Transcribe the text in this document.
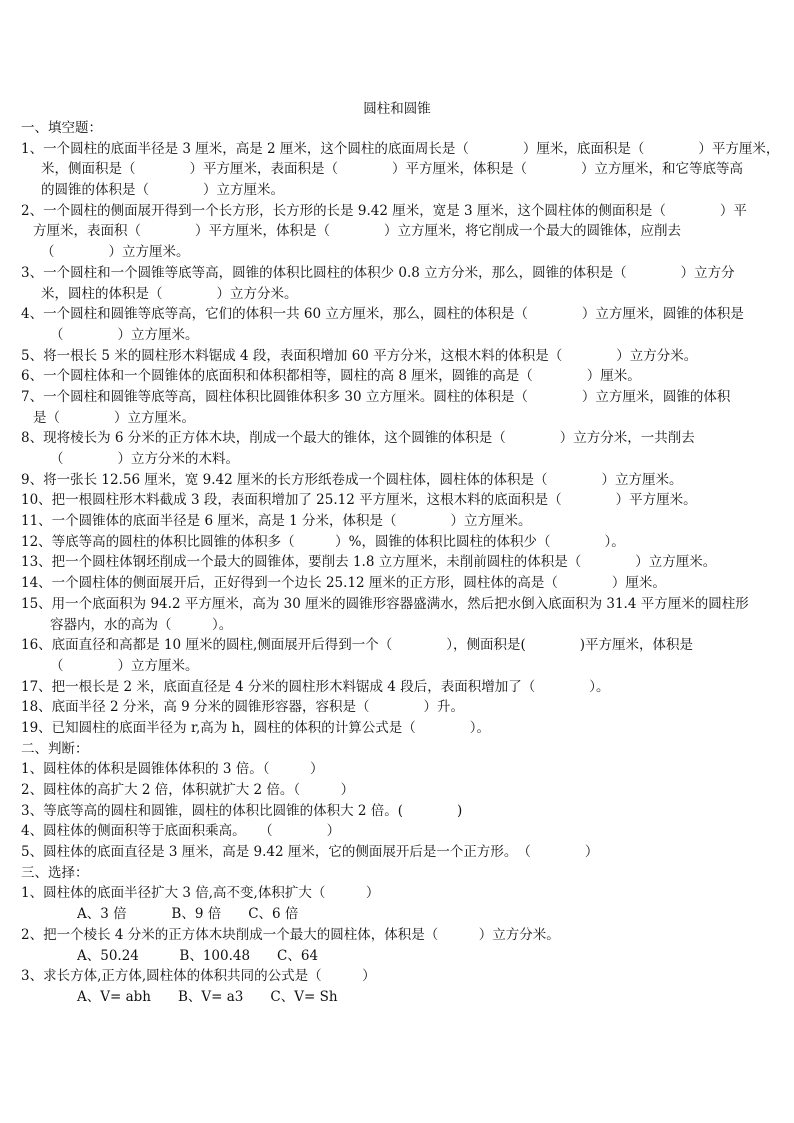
圆柱和圆锥
一、填空题：
1、一个圆柱的底面半径是 3 厘米，高是 2 厘米，这个圆柱的底面周长是（　　　　）厘米，底面积是（　　　　）平方厘米，
米，侧面积是（　　　　）平方厘米，表面积是（　　　　）平方厘米，体积是（　　　　）立方厘米，和它等底等高
的圆锥的体积是（　　　　）立方厘米。
2、一个圆柱的侧面展开得到一个长方形，长方形的长是 9.42 厘米，宽是 3 厘米，这个圆柱体的侧面积是（　　　　）平
方厘米，表面积（　　　　）平方厘米，体积是（　　　　）立方厘米，将它削成一个最大的圆锥体，应削去
（　　　　）立方厘米。
3、一个圆柱和一个圆锥等底等高，圆锥的体积比圆柱的体积少 0.8 立方分米，那么，圆锥的体积是（　　　　）立方分
米，圆柱的体积是（　　　　）立方分米。
4、一个圆柱和圆锥等底等高，它们的体积一共 60 立方厘米，那么，圆柱的体积是（　　　　）立方厘米，圆锥的体积是
（　　　　）立方厘米。
5、将一根长 5 米的圆柱形木料锯成 4 段，表面积增加 60 平方分米，这根木料的体积是（　　　　）立方分米。
6、一个圆柱体和一个圆锥体的底面积和体积都相等，圆柱的高 8 厘米，圆锥的高是（　　　　）厘米。
7、一个圆柱和圆锥等底等高，圆柱体积比圆锥体积多 30 立方厘米。圆柱的体积是（　　　　）立方厘米，圆锥的体积
是（　　　　）立方厘米。
8、现将棱长为 6 分米的正方体木块，削成一个最大的锥体，这个圆锥的体积是（　　　　）立方分米，一共削去
（　　　　）立方分米的木料。
9、将一张长 12.56 厘米，宽 9.42 厘米的长方形纸卷成一个圆柱体，圆柱体的体积是（　　　　）立方厘米。
10、把一根圆柱形木料截成 3 段，表面积增加了 25.12 平方厘米，这根木料的底面积是（　　　　）平方厘米。
11、一个圆锥体的底面半径是 6 厘米，高是 1 分米，体积是（　　　　）立方厘米。
12、等底等高的圆柱的体积比圆锥的体积多（　　　）%，圆锥的体积比圆柱的体积少（　　　　）。
13、把一个圆柱体钢坯削成一个最大的圆锥体，要削去 1.8 立方厘米，未削前圆柱的体积是（　　　　）立方厘米。
14、一个圆柱体的侧面展开后，正好得到一个边长 25.12 厘米的正方形，圆柱体的高是（　　　　）厘米。
15、用一个底面积为 94.2 平方厘米，高为 30 厘米的圆锥形容器盛满水，然后把水倒入底面积为 31.4 平方厘米的圆柱形
容器内，水的高为（　　　）。
16、底面直径和高都是 10 厘米的圆柱,侧面展开后得到一个（　　　　），侧面积是(　　　　)平方厘米，体积是
（　　　　）立方厘米。
17、把一根长是 2 米，底面直径是 4 分米的圆柱形木料锯成 4 段后，表面积增加了（　　　　）。
18、底面半径 2 分米，高 9 分米的圆锥形容器，容积是（　　　　）升。
19、已知圆柱的底面半径为 r,高为 h，圆柱的体积的计算公式是（　　　　）。
二、判断：
1、圆柱体的体积是圆锥体体积的 3 倍。（　　　）
2、圆柱体的高扩大 2 倍，体积就扩大 2 倍。（　　　）
3、等底等高的圆柱和圆锥，圆柱的体积比圆锥的体积大 2 倍。(　　　　)
4、圆柱体的侧面积等于底面积乘高。　　（　　　　）
5、圆柱体的底面直径是 3 厘米，高是 9.42 厘米，它的侧面展开后是一个正方形。　（　　　　）
三、选择：
1、圆柱体的底面半径扩大 3 倍,高不变,体积扩大（　　　）
A、3 倍　　　 B、9 倍　　C、6 倍
2、把一个棱长 4 分米的正方体木块削成一个最大的圆柱体，体积是（　　　）立方分米。
A、50.24　　　B、100.48　　C、64
3、求长方体,正方体,圆柱体的体积共同的公式是（　　　）
A、V= abh　　B、V= a3　　C、V= Sh
